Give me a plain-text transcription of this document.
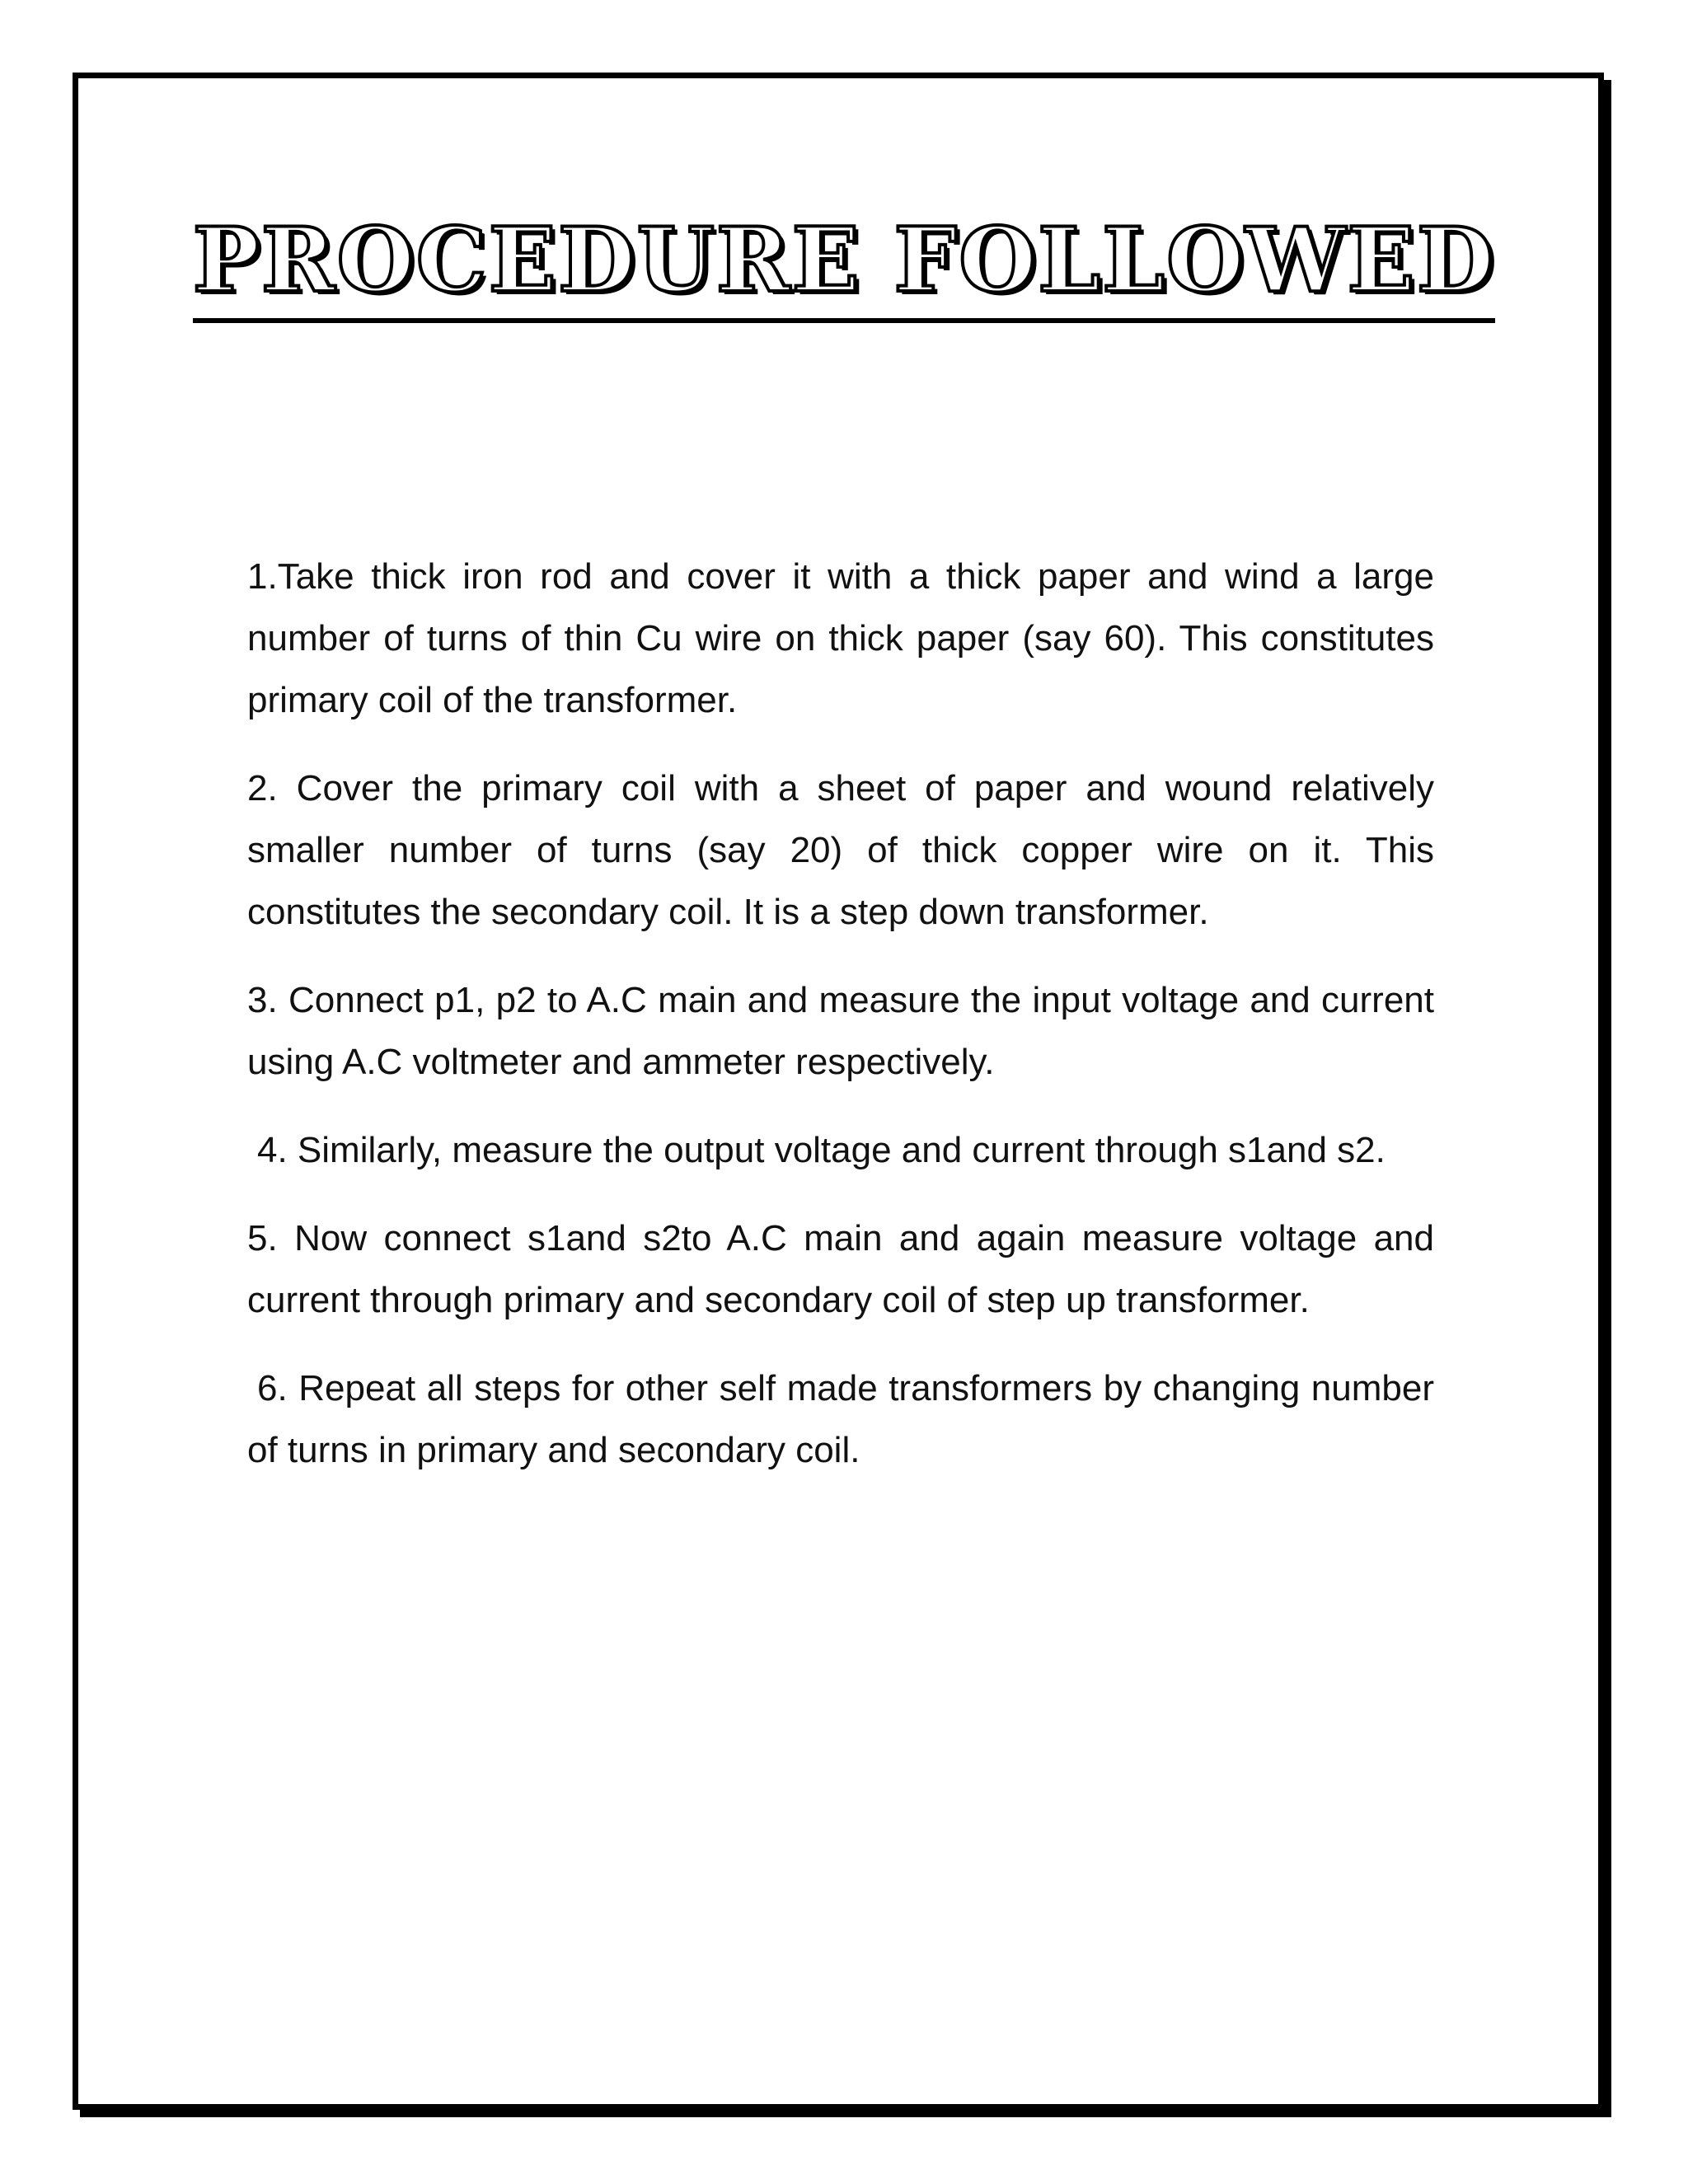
PROCEDURE FOLLOWED

1.Take thick iron rod and cover it with a thick paper and wind a large number of turns of thin Cu wire on thick paper (say 60). This constitutes primary coil of the transformer.

2. Cover the primary coil with a sheet of paper and wound relatively smaller number of turns (say 20) of thick copper wire on it. This constitutes the secondary coil. It is a step down transformer.

3. Connect p1, p2 to A.C main and measure the input voltage and current using A.C voltmeter and ammeter respectively.

4. Similarly, measure the output voltage and current through s1and s2.

5. Now connect s1and s2to A.C main and again measure voltage and current through primary and secondary coil of step up transformer.

6. Repeat all steps for other self made transformers by changing number of turns in primary and secondary coil.
